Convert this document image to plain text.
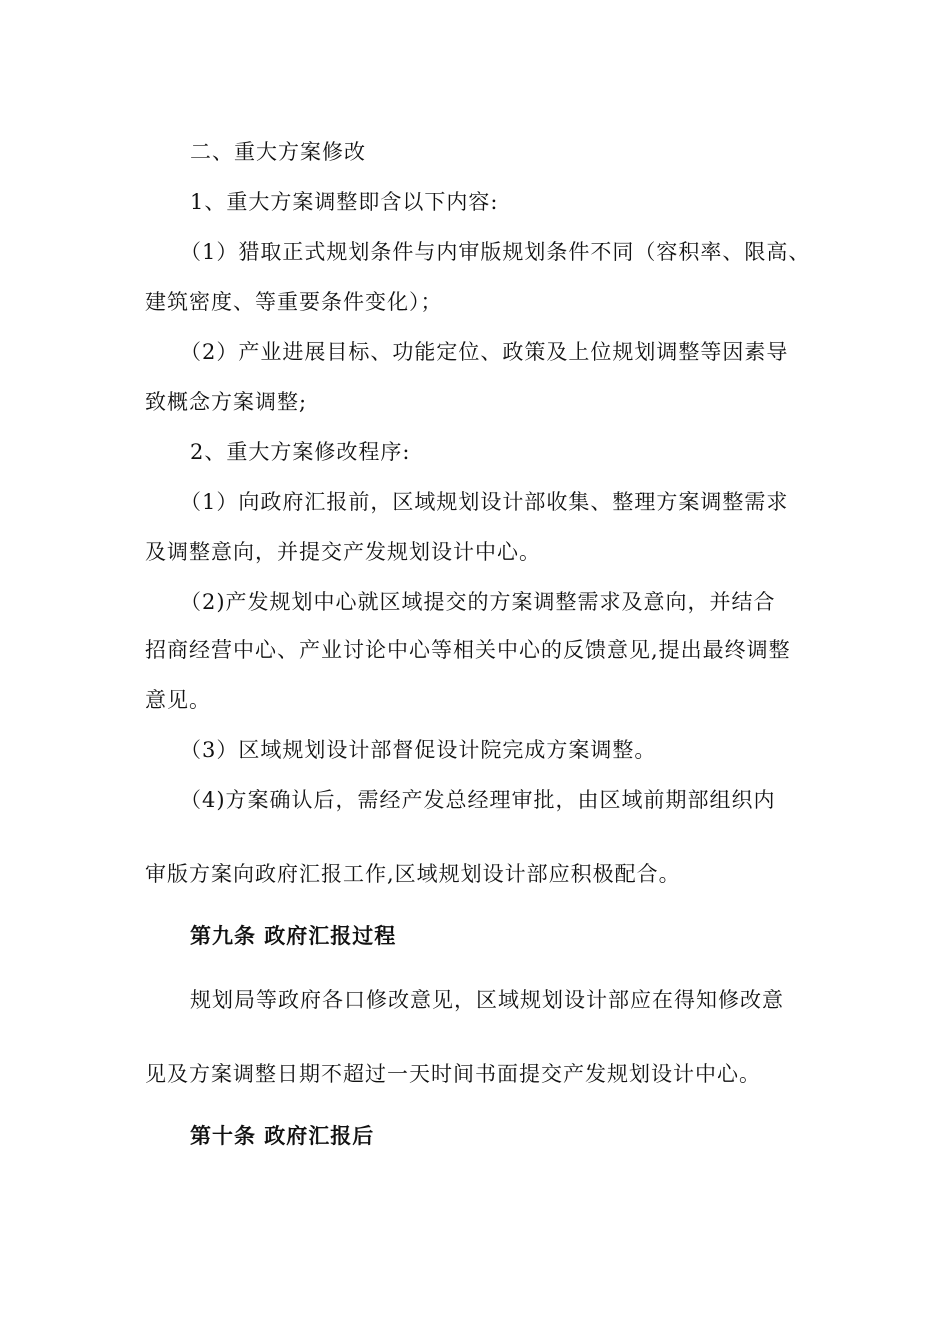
二、重大方案修改
1、重大方案调整即含以下内容:
（1）猎取正式规划条件与内审版规划条件不同（容积率、限高、
建筑密度、等重要条件变化）；
（2）产业进展目标、功能定位、政策及上位规划调整等因素导
致概念方案调整;
2、重大方案修改程序:
（1）向政府汇报前，区域规划设计部收集、整理方案调整需求
及调整意向，并提交产发规划设计中心。
（2)产发规划中心就区域提交的方案调整需求及意向，并结合
招商经营中心、产业讨论中心等相关中心的反馈意见,提出最终调整
意见。
（3）区域规划设计部督促设计院完成方案调整。
（4)方案确认后，需经产发总经理审批，由区域前期部组织内
审版方案向政府汇报工作,区域规划设计部应积极配合。
第九条 政府汇报过程
规划局等政府各口修改意见，区域规划设计部应在得知修改意
见及方案调整日期不超过一天时间书面提交产发规划设计中心。
第十条 政府汇报后
